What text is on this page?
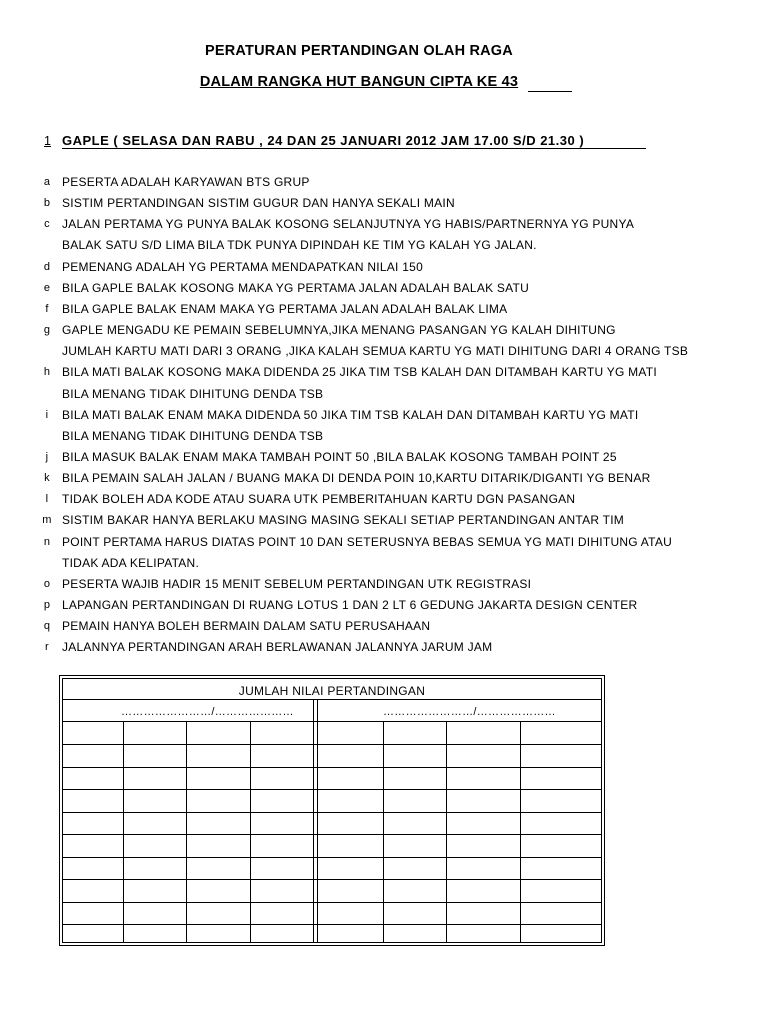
PERATURAN PERTANDINGAN OLAH RAGA
DALAM RANGKA HUT BANGUN CIPTA KE 43
1 GAPLE ( SELASA DAN RABU , 24 DAN 25 JANUARI 2012 JAM 17.00 S/D 21.30 )
a PESERTA ADALAH KARYAWAN BTS GRUP
b SISTIM PERTANDINGAN SISTIM GUGUR DAN HANYA SEKALI MAIN
c	JALAN PERTAMA YG PUNYA BALAK KOSONG SELANJUTNYA YG HABIS/PARTNERNYA YG PUNYA
BALAK SATU S/D LIMA BILA TDK PUNYA DIPINDAH KE TIM YG KALAH YG JALAN.
d PEMENANG ADALAH YG PERTAMA MENDAPATKAN NILAI 150
e BILA GAPLE BALAK KOSONG MAKA YG PERTAMA JALAN ADALAH BALAK SATU
f	BILA GAPLE BALAK ENAM MAKA YG PERTAMA JALAN ADALAH BALAK LIMA
g GAPLE MENGADU KE PEMAIN SEBELUMNYA,JIKA MENANG PASANGAN YG KALAH DIHITUNG
JUMLAH KARTU MATI DARI 3 ORANG ,JIKA KALAH SEMUA KARTU YG MATI DIHITUNG DARI 4 ORANG TSB
h BILA MATI BALAK KOSONG MAKA DIDENDA 25 JIKA TIM TSB KALAH DAN DITAMBAH KARTU YG MATI
BILA MENANG TIDAK DIHITUNG DENDA TSB
i	BILA MATI BALAK ENAM MAKA DIDENDA 50 JIKA TIM TSB KALAH DAN DITAMBAH KARTU YG MATI
BILA MENANG TIDAK DIHITUNG DENDA TSB
j	BILA MASUK BALAK ENAM MAKA TAMBAH POINT 50 ,BILA BALAK KOSONG TAMBAH POINT 25
k	BILA PEMAIN SALAH JALAN / BUANG MAKA DI DENDA POIN 10,KARTU DITARIK/DIGANTI YG BENAR
l	TIDAK BOLEH ADA KODE ATAU SUARA UTK PEMBERITAHUAN KARTU DGN PASANGAN
m SISTIM BAKAR HANYA BERLAKU MASING MASING SEKALI SETIAP PERTANDINGAN ANTAR TIM
n POINT PERTAMA HARUS DIATAS POINT 10 DAN SETERUSNYA BEBAS SEMUA YG MATI DIHITUNG ATAU
TIDAK ADA KELIPATAN.
o PESERTA WAJIB HADIR 15 MENIT SEBELUM PERTANDINGAN UTK REGISTRASI
p LAPANGAN PERTANDINGAN DI RUANG LOTUS 1 DAN 2 LT 6 GEDUNG JAKARTA DESIGN CENTER
q PEMAIN HANYA BOLEH BERMAIN DALAM SATU PERUSAHAAN
r	JALANNYA PERTANDINGAN ARAH BERLAWANAN JALANNYA JARUM JAM
JUMLAH NILAI PERTANDINGAN
……………………/…………………	……………………/…………………
